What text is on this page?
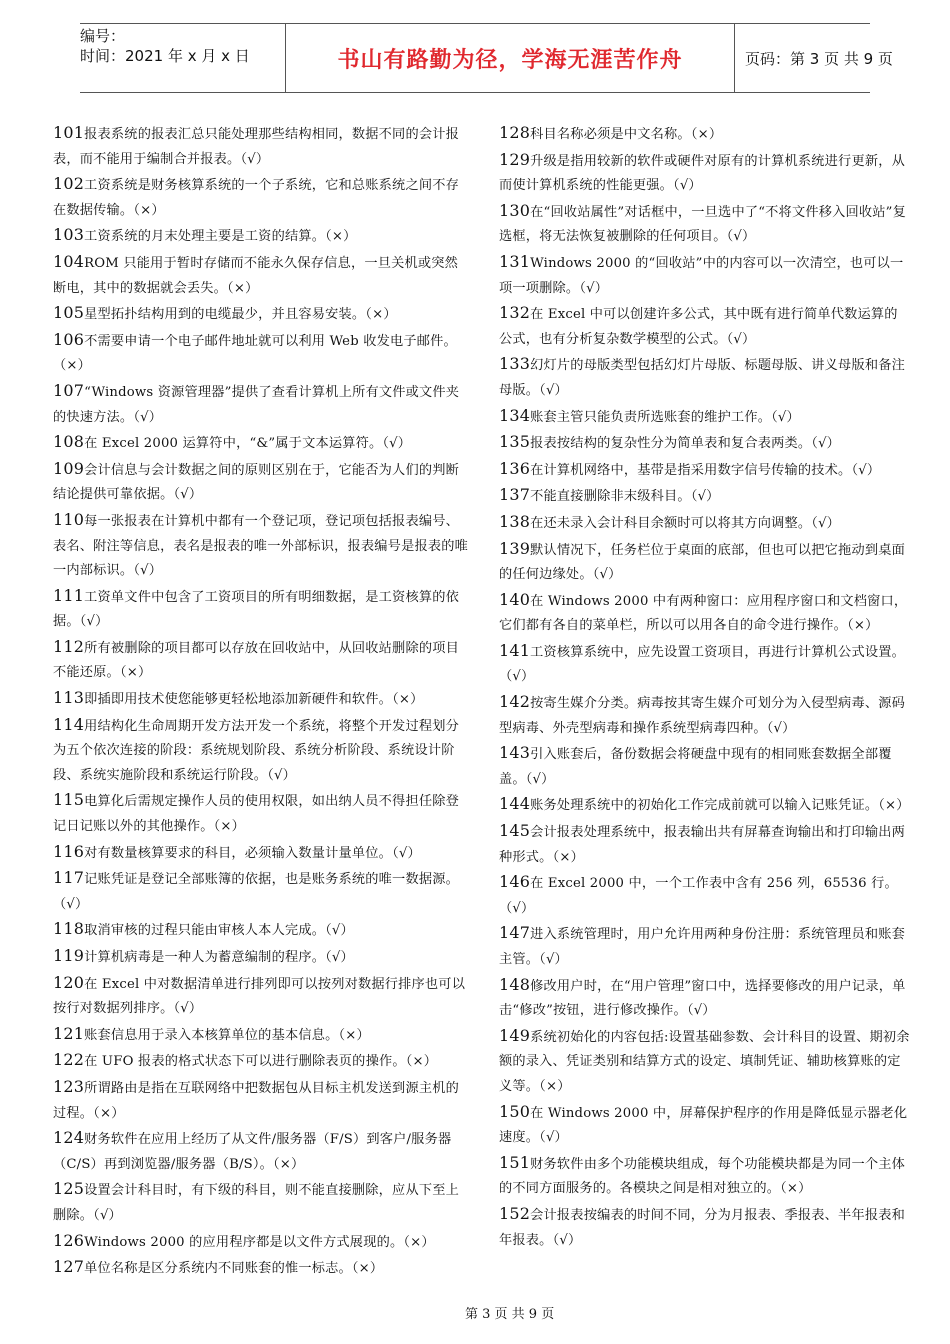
编号：
时间：2021 年 x 月 x 日	书山有路勤为径，学海无涯苦作舟	页码：第 3 页 共 9 页

101报表系统的报表汇总只能处理那些结构相同，数据不同的会计报表，而不能用于编制合并报表。（√）

102工资系统是财务核算系统的一个子系统，它和总账系统之间不存在数据传输。（×）

103工资系统的月末处理主要是工资的结算。（×）

104ROM 只能用于暂时存储而不能永久保存信息，一旦关机或突然断电，其中的数据就会丢失。（×）

105星型拓扑结构用到的电缆最少，并且容易安装。（×）

106不需要申请一个电子邮件地址就可以利用 Web 收发电子邮件。（×）

107“Windows 资源管理器”提供了查看计算机上所有文件或文件夹的快速方法。（√）

108在 Excel 2000 运算符中，“&”属于文本运算符。（√）

109会计信息与会计数据之间的原则区别在于，它能否为人们的判断结论提供可靠依据。（√）

110每一张报表在计算机中都有一个登记项，登记项包括报表编号、表名、附注等信息，表名是报表的唯一外部标识，报表编号是报表的唯一内部标识。（√）

111工资单文件中包含了工资项目的所有明细数据，是工资核算的依据。（√）

112所有被删除的项目都可以存放在回收站中，从回收站删除的项目不能还原。（×）

113即插即用技术使您能够更轻松地添加新硬件和软件。（×）

114用结构化生命周期开发方法开发一个系统，将整个开发过程划分为五个依次连接的阶段：系统规划阶段、系统分析阶段、系统设计阶段、系统实施阶段和系统运行阶段。（√）

115电算化后需规定操作人员的使用权限，如出纳人员不得担任除登记日记账以外的其他操作。（×）

116对有数量核算要求的科目，必须输入数量计量单位。（√）

117记账凭证是登记全部账簿的依据，也是账务系统的唯一数据源。（√）

118取消审核的过程只能由审核人本人完成。（√）

119计算机病毒是一种人为蓄意编制的程序。（√）

120在 Excel 中对数据清单进行排列即可以按列对数据行排序也可以按行对数据列排序。（√）

121账套信息用于录入本核算单位的基本信息。（×）

122在 UFO 报表的格式状态下可以进行删除表页的操作。（×）

123所谓路由是指在互联网络中把数据包从目标主机发送到源主机的过程。（×）

124财务软件在应用上经历了从文件/服务器（F/S）到客户/服务器（C/S）再到浏览器/服务器（B/S）。（×）

125设置会计科目时，有下级的科目，则不能直接删除，应从下至上删除。（√）

126Windows 2000 的应用程序都是以文件方式展现的。（×）

127单位名称是区分系统内不同账套的惟一标志。（×）

128科目名称必须是中文名称。（×）

129升级是指用较新的软件或硬件对原有的计算机系统进行更新，从而使计算机系统的性能更强。（√）

130在“回收站属性”对话框中，一旦选中了“不将文件移入回收站”复选框，将无法恢复被删除的任何项目。（√）

131Windows 2000 的“回收站”中的内容可以一次清空，也可以一项一项删除。（√）

132在 Excel 中可以创建许多公式，其中既有进行简单代数运算的公式，也有分析复杂数学模型的公式。（√）

133幻灯片的母版类型包括幻灯片母版、标题母版、讲义母版和备注母版。（√）

134账套主管只能负责所选账套的维护工作。（√）

135报表按结构的复杂性分为简单表和复合表两类。（√）

136在计算机网络中，基带是指采用数字信号传输的技术。（√）

137不能直接删除非末级科目。（√）

138在还未录入会计科目余额时可以将其方向调整。（√）

139默认情况下，任务栏位于桌面的底部，但也可以把它拖动到桌面的任何边缘处。（√）

140在 Windows 2000 中有两种窗口：应用程序窗口和文档窗口，它们都有各自的菜单栏，所以可以用各自的命令进行操作。（×）

141工资核算系统中，应先设置工资项目，再进行计算机公式设置。（√）

142按寄生媒介分类。病毒按其寄生媒介可划分为入侵型病毒、源码型病毒、外壳型病毒和操作系统型病毒四种。（√）

143引入账套后，备份数据会将硬盘中现有的相同账套数据全部覆盖。（√）

144账务处理系统中的初始化工作完成前就可以输入记账凭证。（×）

145会计报表处理系统中，报表输出共有屏幕查询输出和打印输出两种形式。（×）

146在 Excel 2000 中，一个工作表中含有 256 列，65536 行。（√）

147进入系统管理时，用户允许用两种身份注册：系统管理员和账套主管。（√）

148修改用户时，在“用户管理”窗口中，选择要修改的用户记录，单击“修改”按钮，进行修改操作。（√）

149系统初始化的内容包括:设置基础参数、会计科目的设置、期初余额的录入、凭证类别和结算方式的设定、填制凭证、辅助核算账的定义等。（×）

150在 Windows 2000 中，屏幕保护程序的作用是降低显示器老化速度。（√）

151财务软件由多个功能模块组成，每个功能模块都是为同一个主体的不同方面服务的。各模块之间是相对独立的。（×）

152会计报表按编表的时间不同，分为月报表、季报表、半年报表和年报表。（√）

第 3 页 共 9 页
